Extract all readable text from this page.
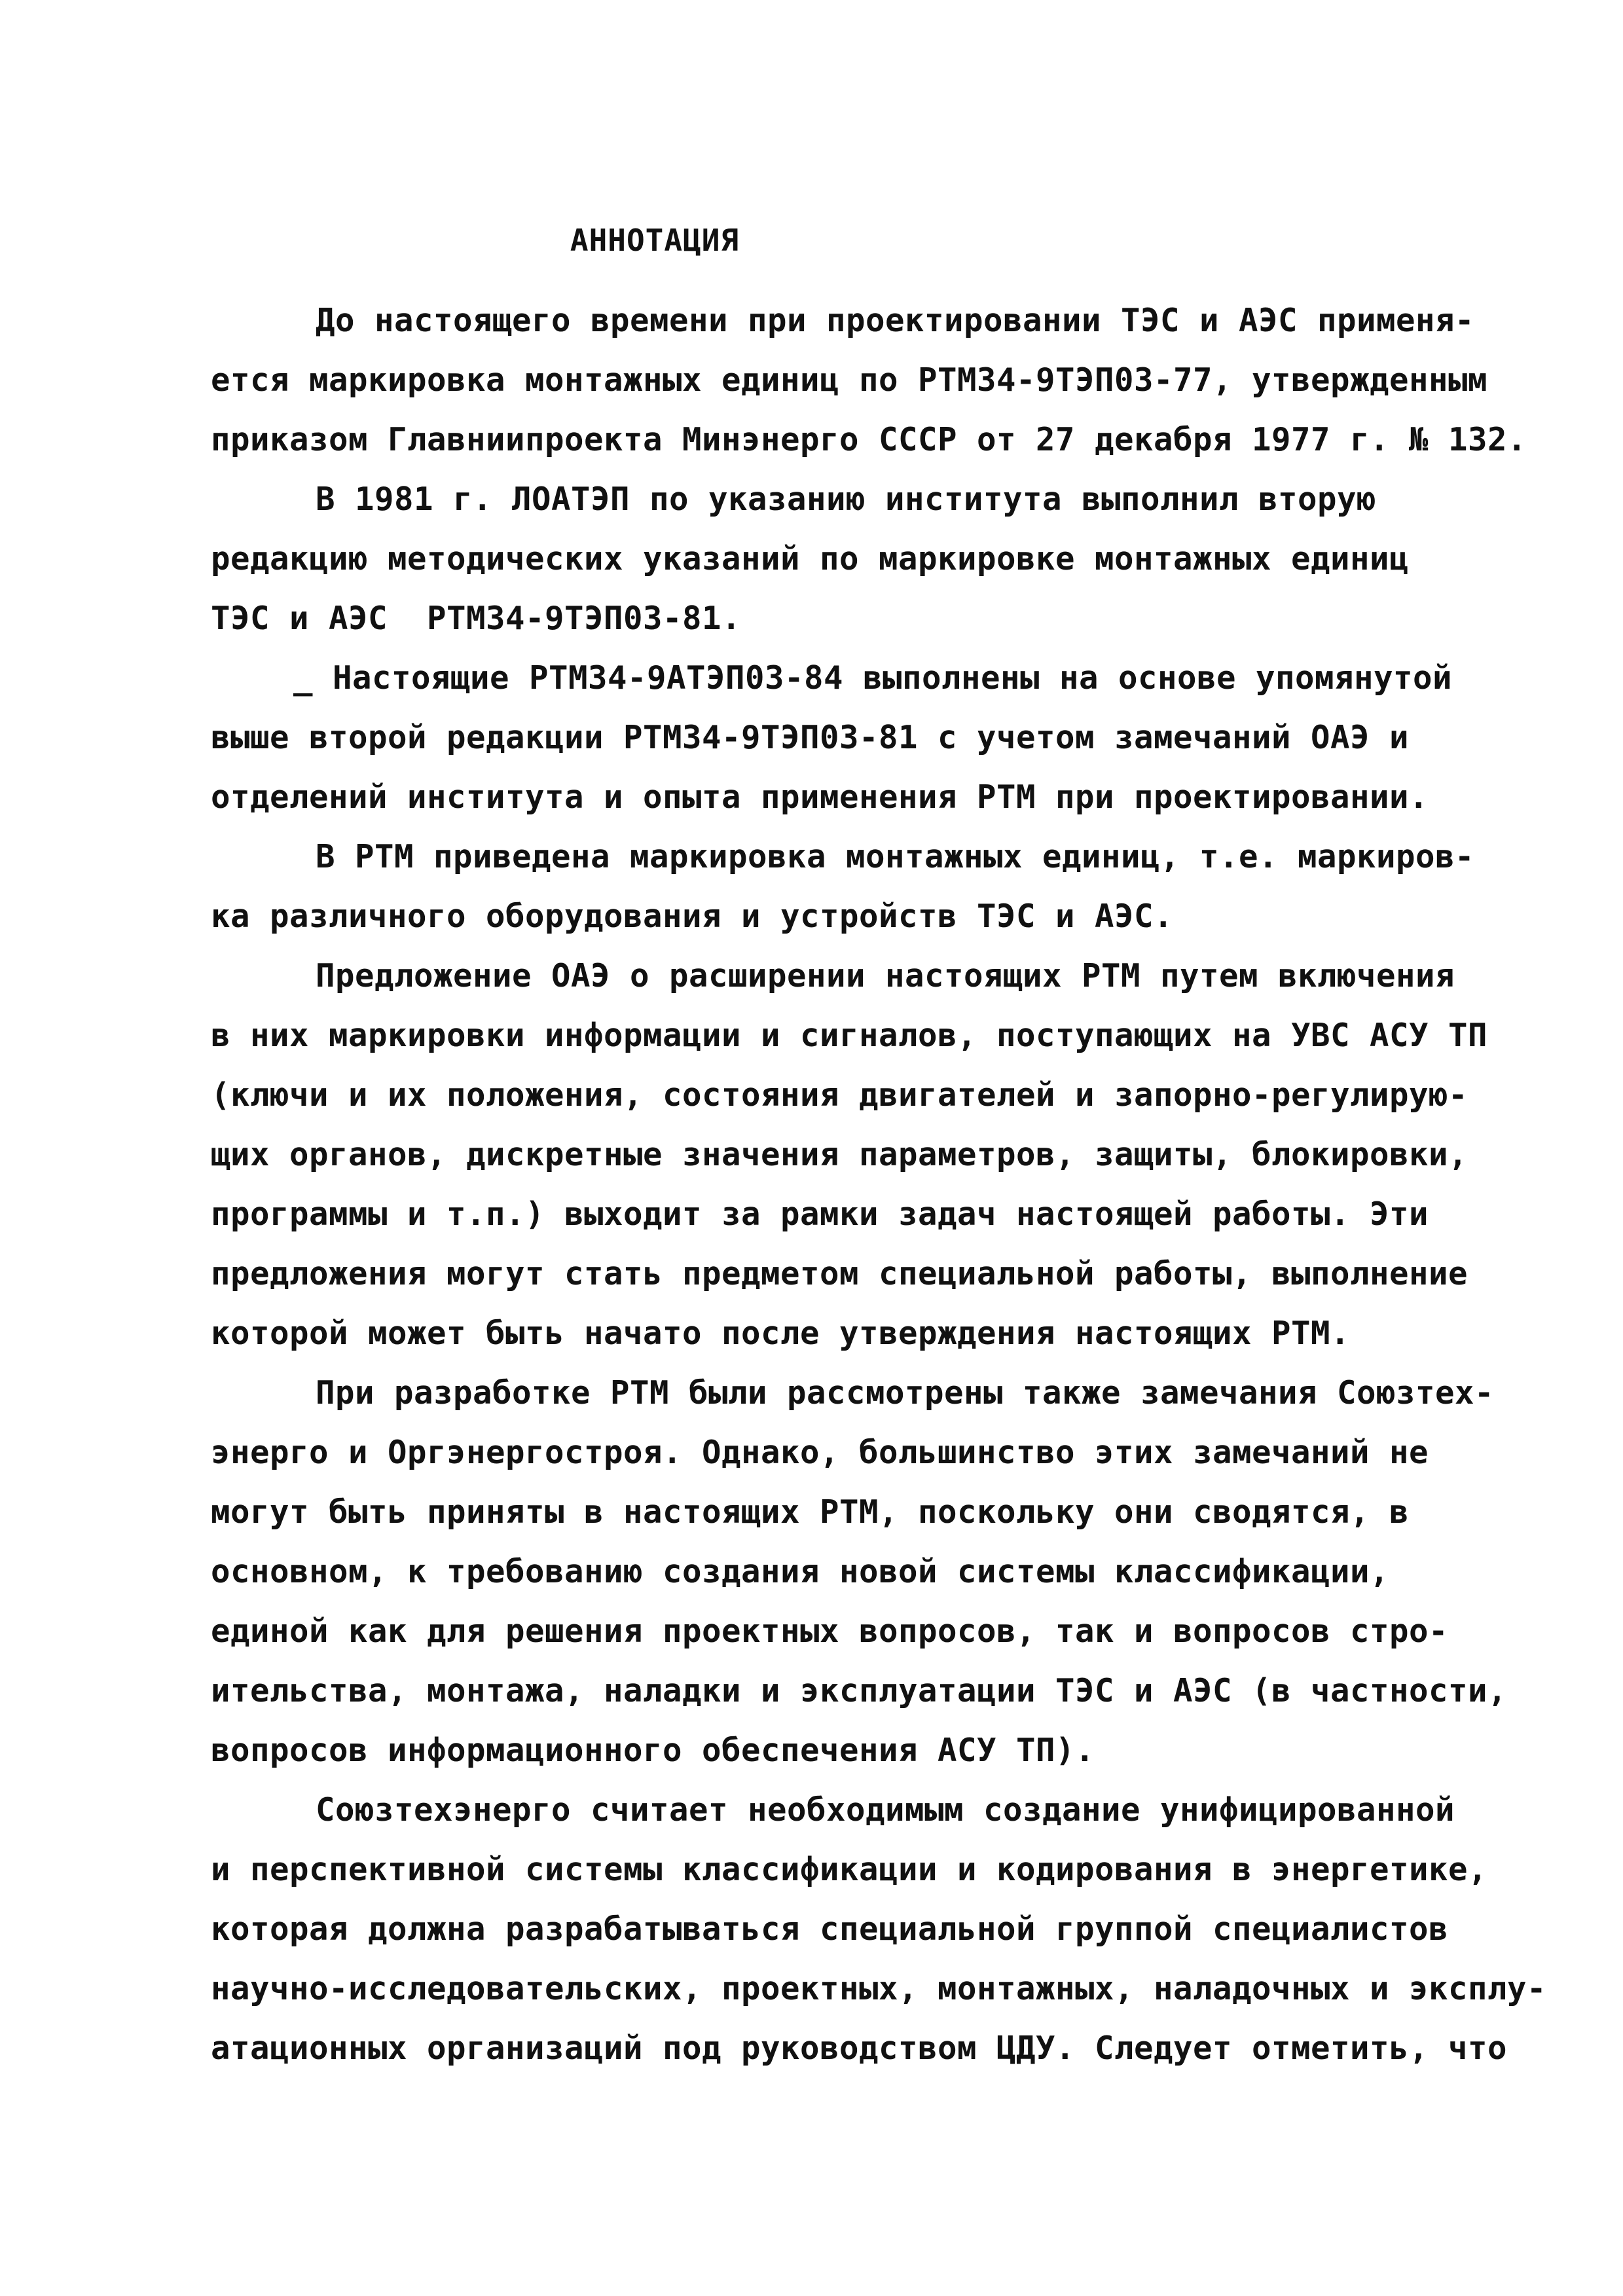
АННОТАЦИЯ
До настоящего времени при проектировании ТЭС и АЭС применя-
ется маркировка монтажных единиц по РТМ34-9ТЭП03-77, утвержденным
приказом Главниипроекта Минэнерго СССР от 27 декабря 1977 г. № 132.
В 1981 г. ЛОАТЭП по указанию института выполнил вторую
редакцию методических указаний по маркировке монтажных единиц
ТЭС и АЭС  РТМ34-9ТЭП03-81.
_ Настоящие РТМ34-9АТЭП03-84 выполнены на основе упомянутой
выше второй редакции РТМ34-9ТЭП03-81 с учетом замечаний ОАЭ и
отделений института и опыта применения РТМ при проектировании.
В РТМ приведена маркировка монтажных единиц, т.е. маркиров-
ка различного оборудования и устройств ТЭС и АЭС.
Предложение ОАЭ о расширении настоящих РТМ путем включения
в них маркировки информации и сигналов, поступающих на УВС АСУ ТП
(ключи и их положения, состояния двигателей и запорно-регулирую-
щих органов, дискретные значения параметров, защиты, блокировки,
программы и т.п.) выходит за рамки задач настоящей работы. Эти
предложения могут стать предметом специальной работы, выполнение
которой может быть начато после утверждения настоящих РТМ.
При разработке РТМ были рассмотрены также замечания Союзтех-
энерго и Оргэнергостроя. Однако, большинство этих замечаний не
могут быть приняты в настоящих РТМ, поскольку они сводятся, в
основном, к требованию создания новой системы классификации,
единой как для решения проектных вопросов, так и вопросов стро-
ительства, монтажа, наладки и эксплуатации ТЭС и АЭС (в частности,
вопросов информационного обеспечения АСУ ТП).
Союзтехэнерго считает необходимым создание унифицированной
и перспективной системы классификации и кодирования в энергетике,
которая должна разрабатываться специальной группой специалистов
научно-исследовательских, проектных, монтажных, наладочных и эксплу-
атационных организаций под руководством ЦДУ. Следует отметить, что
